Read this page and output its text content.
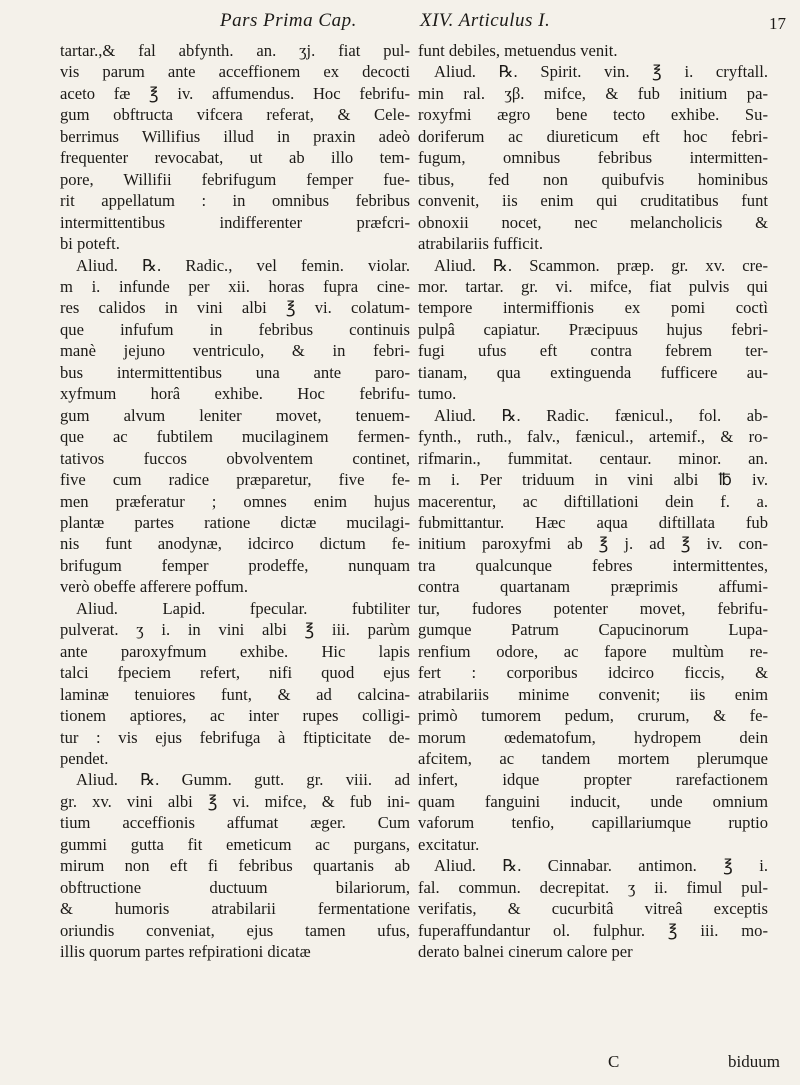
Pars Prima Cap.	XIV. Articulus I.	17
tartar.,& fal abfynth. an. ʒj. fiat pul-
vis parum ante acceffionem ex decocti
aceto fæ ℥ iv. affumendus. Hoc febrifu-
gum obftructa vifcera referat, & Cele-
berrimus Willifius illud in praxin adeò
frequenter revocabat, ut ab illo tem-
pore, Willifii febrifugum femper fue-
rit appellatum : in omnibus febribus
intermittentibus indifferenter præfcri-
bi poteft.
Aliud. ℞. Radic., vel femin. violar.
m i. infunde per xii. horas fupra cine-
res calidos in vini albi ℥ vi. colatum-
que infufum in febribus continuis
manè jejuno ventriculo, & in febri-
bus intermittentibus una ante paro-
xyfmum horâ exhibe. Hoc febrifu-
gum alvum leniter movet, tenuem-
que ac fubtilem mucilaginem fermen-
tativos fuccos obvolventem continet,
five cum radice præparetur, five fe-
men præferatur ; omnes enim hujus
plantæ partes ratione dictæ mucilagi-
nis funt anodynæ, idcirco dictum fe-
brifugum femper prodeffe, nunquam
verò obeffe afferere poffum.
Aliud. Lapid. fpecular. fubtiliter
pulverat. ʒ i. in vini albi ℥ iii. parùm
ante paroxyfmum exhibe. Hic lapis
talci fpeciem refert, nifi quod ejus
laminæ tenuiores funt, & ad calcina-
tionem aptiores, ac inter rupes colligi-
tur : vis ejus febrifuga à ftipticitate de-
pendet.
Aliud. ℞. Gumm. gutt. gr. viii. ad
gr. xv. vini albi ℥ vi. mifce, & fub ini-
tium acceffionis affumat æger. Cum
gummi gutta fit emeticum ac purgans,
mirum non eft fi febribus quartanis ab
obftructione ductuum bilariorum,
& humoris atrabilarii fermentatione
oriundis conveniat, ejus tamen ufus,
illis quorum partes refpirationi dicatæ
funt debiles, metuendus venit.
Aliud. ℞. Spirit. vin. ℥ i. cryftall.
min ral. ʒβ. mifce, & fub initium pa-
roxyfmi ægro bene tecto exhibe. Su-
doriferum ac diureticum eft hoc febri-
fugum, omnibus febribus intermitten-
tibus, fed non quibufvis hominibus
convenit, iis enim qui cruditatibus funt
obnoxii nocet, nec melancholicis &
atrabilariis fufficit.
Aliud. ℞. Scammon. præp. gr. xv. cre-
mor. tartar. gr. vi. mifce, fiat pulvis qui
tempore intermiffionis ex pomi coctì
pulpâ capiatur. Præcipuus hujus febri-
fugi ufus eft contra febrem ter-
tianam, qua extinguenda fufficere au-
tumo.
Aliud. ℞. Radic. fænicul., fol. ab-
fynth., ruth., falv., fænicul., artemif., & ro-
rifmarin., fummitat. centaur. minor. an.
m i. Per triduum in vini albi ℔ iv.
macerentur, ac diftillationi dein f. a.
fubmittantur. Hæc aqua diftillata fub
initium paroxyfmi ab ℥ j. ad ℥ iv. con-
tra qualcunque febres intermittentes,
contra quartanam præprimis affumi-
tur, fudores potenter movet, febrifu-
gumque Patrum Capucinorum Lupa-
renfium odore, ac fapore multùm re-
fert : corporibus idcirco ficcis, &
atrabilariis minime convenit; iis enim
primò tumorem pedum, crurum, & fe-
morum œdematofum, hydropem dein
afcitem, ac tandem mortem plerumque
infert, idque propter rarefactionem
quam fanguini inducit, unde omnium
vaforum tenfio, capillariumque ruptio
excitatur.
Aliud. ℞. Cinnabar. antimon. ℥ i.
fal. commun. decrepitat. ʒ ii. fimul pul-
verifatis, & cucurbitâ vitreâ exceptis
fuperaffundantur ol. fulphur. ℥ iii. mo-
derato balnei cinerum calore per
C	biduum
